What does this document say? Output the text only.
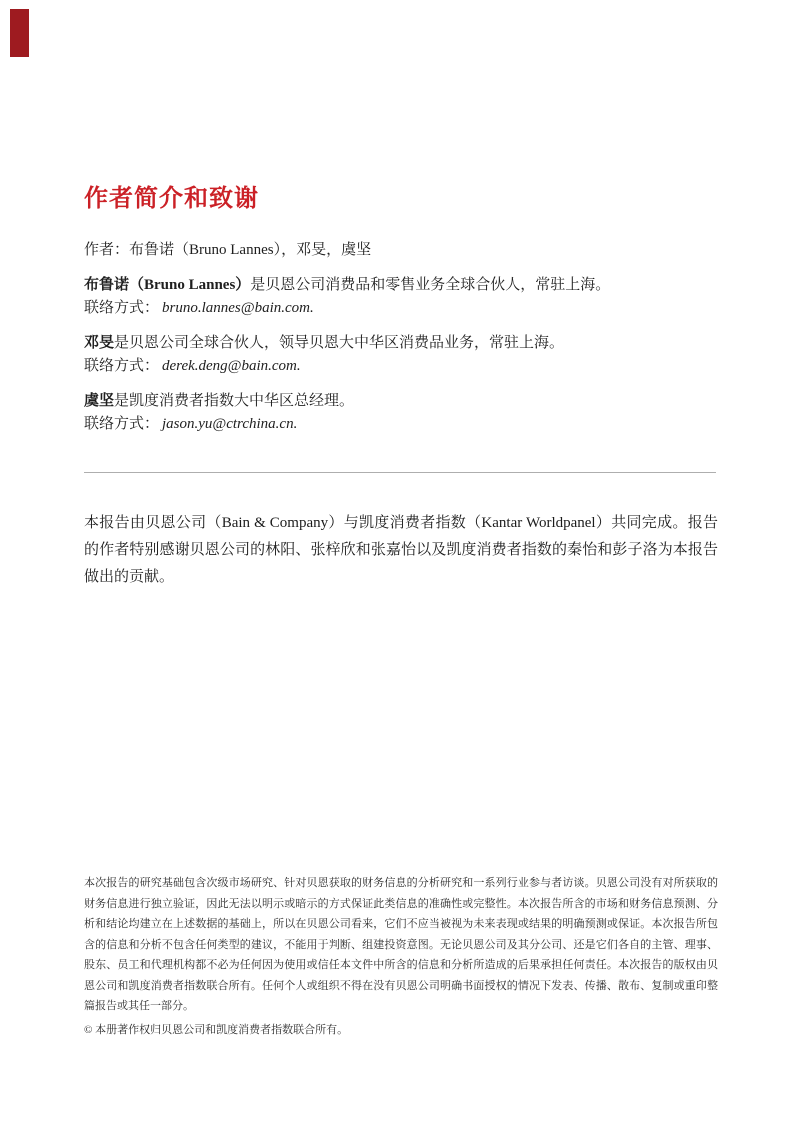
作者简介和致谢

作者：布鲁诺（Bruno Lannes），邓旻，虞坚

布鲁诺（Bruno Lannes）是贝恩公司消费品和零售业务全球合伙人，常驻上海。

联络方式： bruno.lannes@bain.com.

邓旻是贝恩公司全球合伙人，领导贝恩大中华区消费品业务，常驻上海。

联络方式： derek.deng@bain.com.

虞坚是凯度消费者指数大中华区总经理。

联络方式： jason.yu@ctrchina.cn.

本报告由贝恩公司（Bain & Company）与凯度消费者指数（Kantar Worldpanel）共同完成。报告的作者特别感谢贝恩公司的林阳、张梓欣和张嘉怡以及凯度消费者指数的秦怡和彭子洛为本报告做出的贡献。

本次报告的研究基础包含次级市场研究、针对贝恩获取的财务信息的分析研究和一系列行业参与者访谈。贝恩公司没有对所获取的财务信息进行独立验证，因此无法以明示或暗示的方式保证此类信息的准确性或完整性。本次报告所含的市场和财务信息预测、分析和结论均建立在上述数据的基础上，所以在贝恩公司看来，它们不应当被视为未来表现或结果的明确预测或保证。本次报告所包含的信息和分析不包含任何类型的建议，不能用于判断、组建投资意图。无论贝恩公司及其分公司、还是它们各自的主管、理事、股东、员工和代理机构都不必为任何因为使用或信任本文件中所含的信息和分析所造成的后果承担任何责任。本次报告的版权由贝恩公司和凯度消费者指数联合所有。任何个人或组织不得在没有贝恩公司明确书面授权的情况下发表、传播、散布、复制或重印整篇报告或其任一部分。

© 本册著作权归贝恩公司和凯度消费者指数联合所有。
